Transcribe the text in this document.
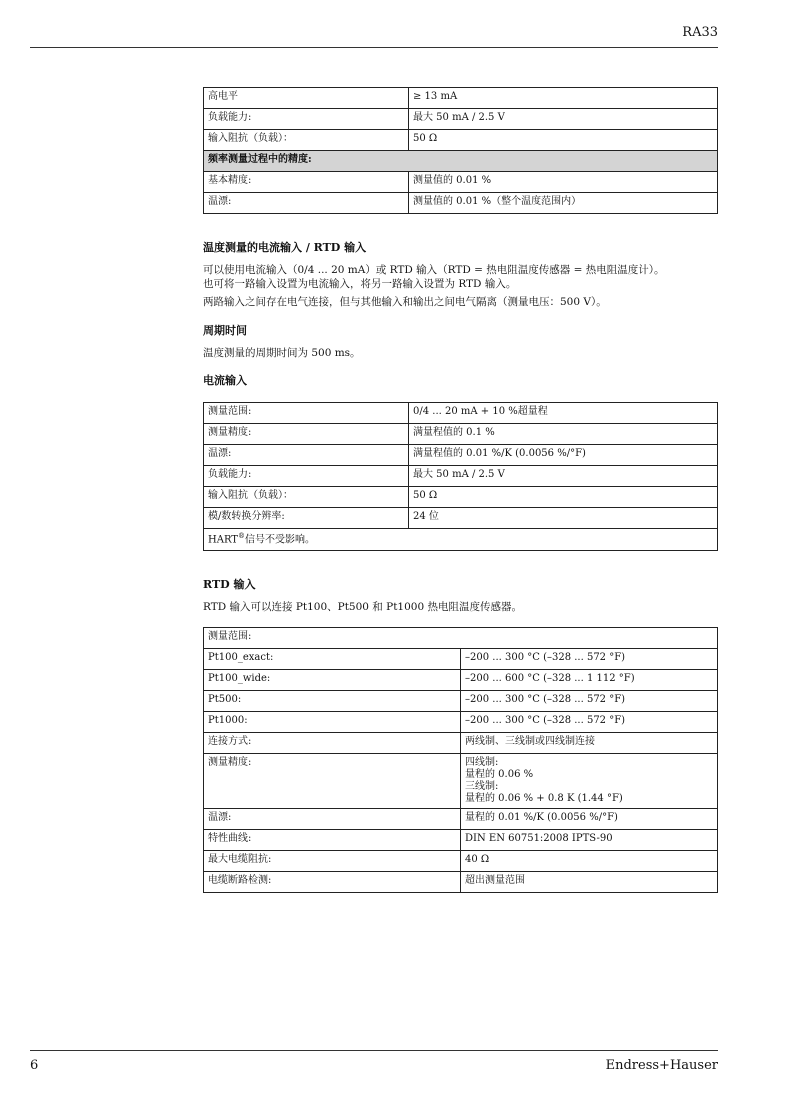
RA33
高电平	≥ 13 mA
负载能力:	最大 50 mA / 2.5 V
输入阻抗（负载）：	50 Ω
频率测量过程中的精度:	
基本精度:	测量值的 0.01 %
温漂:	测量值的 0.01 %（整个温度范围内）

温度测量的电流输入 / RTD 输入

可以使用电流输入（0/4 ... 20 mA）或 RTD 输入（RTD = 热电阻温度传感器 = 热电阻温度计）。

也可将一路输入设置为电流输入，将另一路输入设置为 RTD 输入。

两路输入之间存在电气连接，但与其他输入和输出之间电气隔离（测量电压：500 V）。

周期时间

温度测量的周期时间为 500 ms。

电流输入

测量范围:	0/4 ... 20 mA + 10 %超量程
测量精度:	满量程值的 0.1 %
温漂:	满量程值的 0.01 %/K (0.0056 %/°F)
负载能力:	最大 50 mA / 2.5 V
输入阻抗（负载）：	50 Ω
模/数转换分辨率:	24 位
HART®信号不受影响。	

RTD 输入

RTD 输入可以连接 Pt100、Pt500 和 Pt1000 热电阻温度传感器。

测量范围:	
Pt100_exact:	–200 ... 300 °C (–328 ... 572 °F)
Pt100_wide:	–200 ... 600 °C (–328 ... 1 112 °F)
Pt500:	–200 ... 300 °C (–328 ... 572 °F)
Pt1000:	–200 ... 300 °C (–328 ... 572 °F)
连接方式:	两线制、三线制或四线制连接
测量精度:	四线制:
量程的 0.06 %
三线制:
量程的 0.06 % + 0.8 K (1.44 °F)

温漂:	量程的 0.01 %/K (0.0056 %/°F)
特性曲线:	DIN EN 60751:2008 IPTS-90
最大电缆阻抗:	40 Ω
电缆断路检测:	超出测量范围
6	Endress+Hauser
